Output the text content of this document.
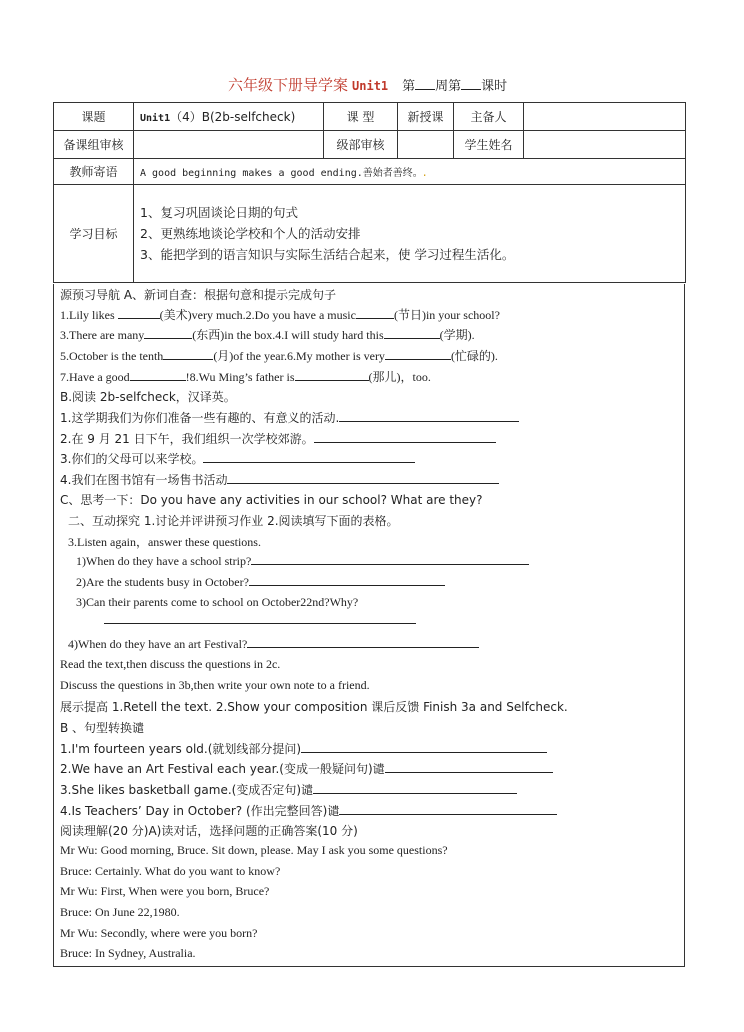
六年级下册导学案 Unit1 第 周第 课时
课题	Unit1（4）B(2b-selfcheck)	课 型	新授课	主备人	
备课组审核		级部审核		学生姓名	
教师寄语	A good beginning makes a good ending.善始者善终。.				
学习目标	1、复习巩固谈论日期的句式
2、更熟练地谈论学校和个人的活动安排
3、能把学到的语言知识与实际生活结合起来，使 学习过程生活化。				
源预习导航 A、新词自查：根据句意和提示完成句子
1.Lily likes	(美术)very much.2.Do you have a music	(节日)in your school?
3.There are many	(东西)in the box.4.I will study hard this	(学期).
5.October is the tenth	(月)of the year.6.My mother is very	(忙碌的).
7.Have a good	!8.Wu Ming’s father is	(那儿)，too.
B.阅读 2b-selfcheck，汉译英。
1.这学期我们为你们准备一些有趣的、有意义的活动.
2.在 9 月 21 日下午，我们组织一次学校郊游。
3.你们的父母可以来学校。
4.我们在图书馆有一场售书活动
C、思考一下：Do you have any activities in our school? What are they?
二、互动探究 1.讨论并评讲预习作业 2.阅读填写下面的表格。
3.Listen again，answer these questions.
1)When do they have a school strip?
2)Are the students busy in October?
3)Can their parents come to school on October22nd?Why?
4)When do they have an art Festival?
Read the text,then discuss the questions in 2c.
Discuss the questions in 3b,then write your own note to a friend.
展示提高 1.Retell the text. 2.Show your composition 课后反馈 Finish 3a and Selfcheck.
B 、句型转换谴
1.I'm fourteen years old.(就划线部分提问)
2.We have an Art Festival each year.(变成一般疑问句)谴
3.She likes basketball game.(变成否定句)谴
4.Is Teachers’ Day in October? (作出完整回答)谴
阅读理解(20 分)A)读对话，选择问题的正确答案(10 分)
Mr Wu: Good morning, Bruce. Sit down, please. May I ask you some questions?
Bruce: Certainly. What do you want to know?
Mr Wu: First, When were you born, Bruce?
Bruce: On June 22,1980.
Mr Wu: Secondly, where were you born?
Bruce: In Sydney, Australia.
